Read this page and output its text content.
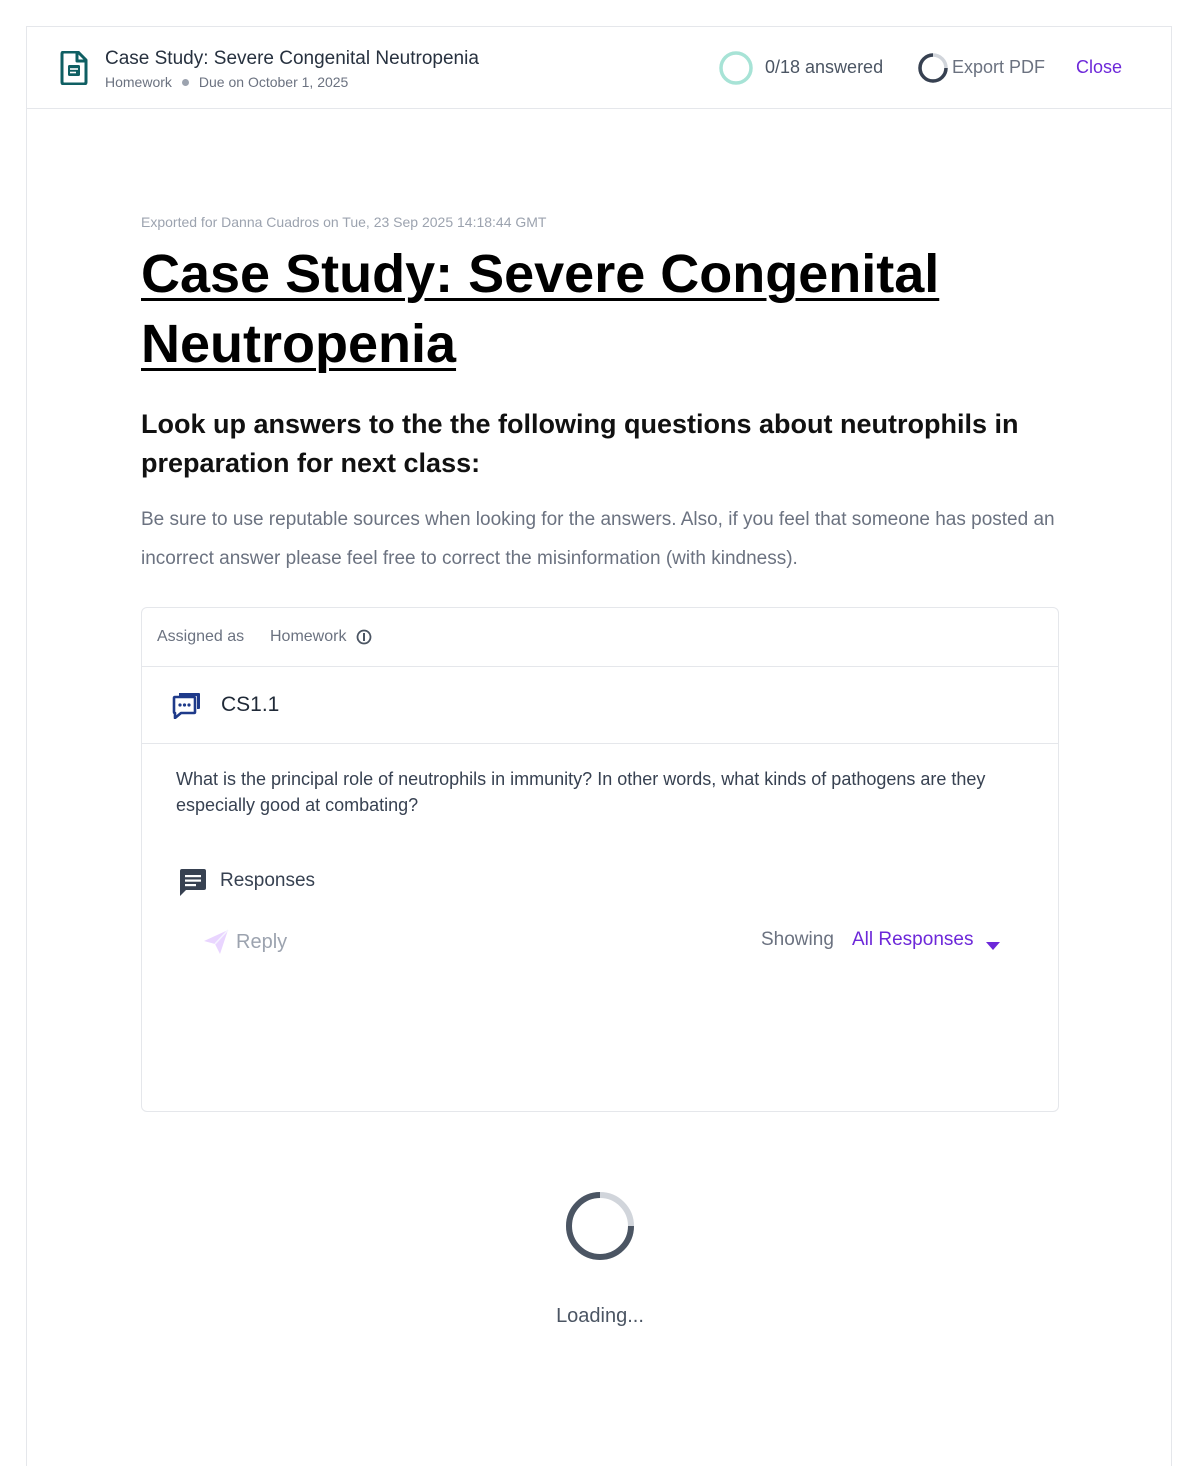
Case Study: Severe Congenital Neutropenia
Homework Due on October 1, 2025
0/18 answered	Export PDF Close
Exported for Danna Cuadros on Tue, 23 Sep 2025 14:18:44 GMT
Case Study: Severe Congenital Neutropenia
Look up answers to the the following questions about neutrophils in preparation for next class:

Be sure to use reputable sources when looking for the answers. Also, if you feel that someone has posted an incorrect answer please feel free to correct the misinformation (with kindness).

Assigned as Homework
CS1.1

What is the principal role of neutrophils in immunity? In other words, what kinds of pathogens are they especially good at combating?

Responses
Reply	Showing All Responses
Loading...
